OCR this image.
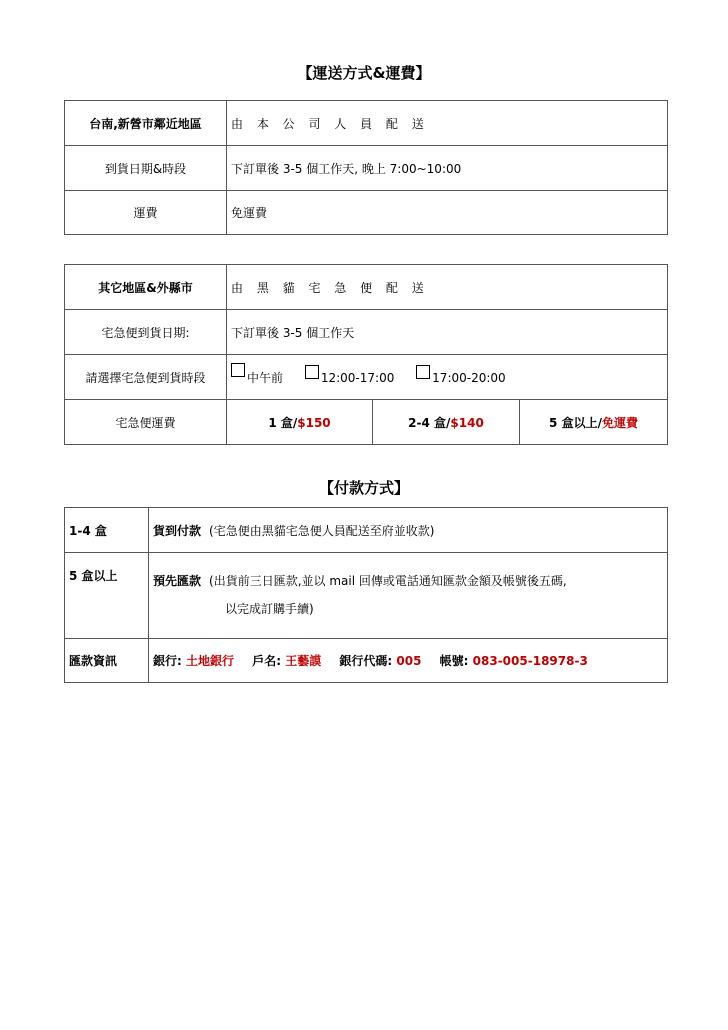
【運送方式&運費】
台南,新營市鄰近地區	由 本 公 司 人 員 配 送
到貨日期&時段	下訂單後 3-5 個工作天, 晚上 7:00~10:00
運費	免運費
其它地區&外縣市	由 黑 貓 宅 急 便 配 送		
宅急便到貨日期:	下訂單後 3-5 個工作天		
請選擇宅急便到貨時段	中午前 12:00-17:00 17:00-20:00		
宅急便運費	1 盒/$150	2-4 盒/$140	5 盒以上/免運費
【付款方式】
1-4 盒	貨到付款 (宅急便由黑貓宅急便人員配送至府並收款)
5 盒以上	預先匯款 (出貨前三日匯款,並以 mail 回傳或電話通知匯款金額及帳號後五碼,
以完成訂購手續)

匯款資訊	銀行: 土地銀行 戶名: 王藝謨 銀行代碼: 005 帳號: 083-005-18978-3
